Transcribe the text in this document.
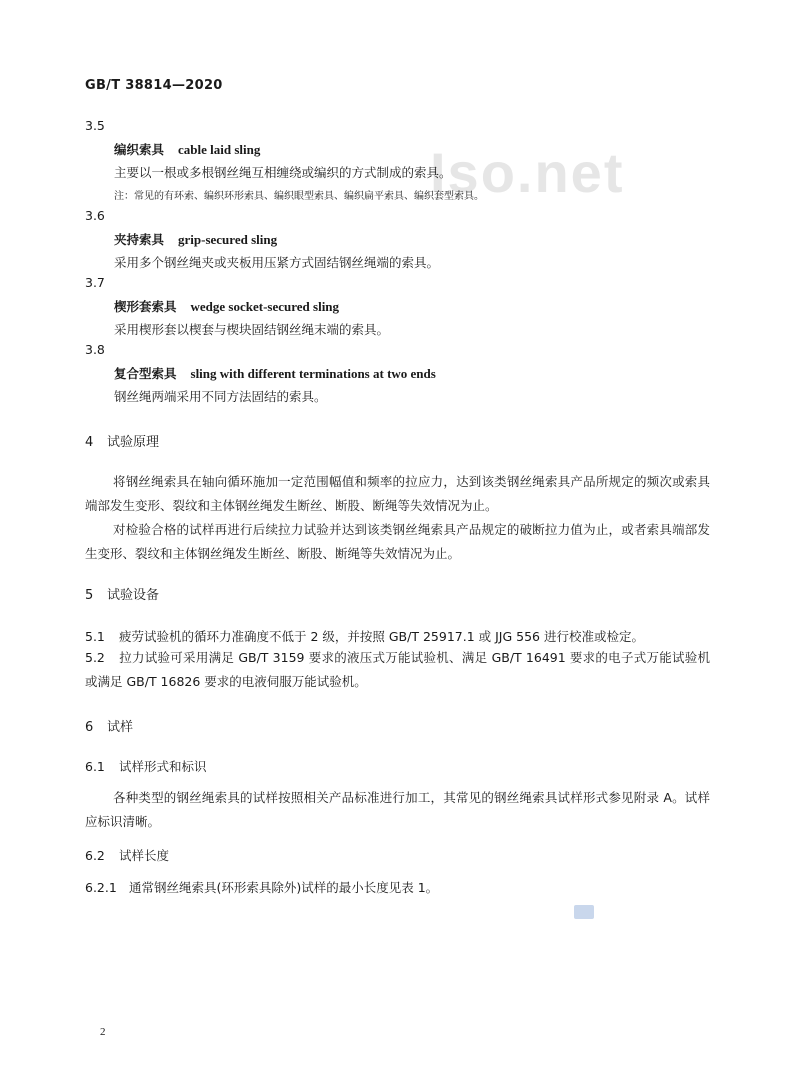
Iso.net
GB/T 38814—2020
3.5
编织索具 cable laid sling
主要以一根或多根钢丝绳互相缠绕或编织的方式制成的索具。
注：常见的有环索、编织环形索具、编织眼型索具、编织扁平索具、编织套型索具。
3.6
夹持索具 grip-secured sling
采用多个钢丝绳夹或夹板用压紧方式固结钢丝绳端的索具。
3.7
楔形套索具 wedge socket-secured sling
采用楔形套以楔套与楔块固结钢丝绳末端的索具。
3.8
复合型索具 sling with different terminations at two ends
钢丝绳两端采用不同方法固结的索具。
4 试验原理
将钢丝绳索具在轴向循环施加一定范围幅值和频率的拉应力，达到该类钢丝绳索具产品所规定的频次或索具端部发生变形、裂纹和主体钢丝绳发生断丝、断股、断绳等失效情况为止。
对检验合格的试样再进行后续拉力试验并达到该类钢丝绳索具产品规定的破断拉力值为止，或者索具端部发生变形、裂纹和主体钢丝绳发生断丝、断股、断绳等失效情况为止。
5 试验设备
5.1 疲劳试验机的循环力准确度不低于 2 级，并按照 GB/T 25917.1 或 JJG 556 进行校准或检定。
5.2 拉力试验可采用满足 GB/T 3159 要求的液压式万能试验机、满足 GB/T 16491 要求的电子式万能试验机或满足 GB/T 16826 要求的电液伺服万能试验机。
6 试样
6.1 试样形式和标识
各种类型的钢丝绳索具的试样按照相关产品标准进行加工，其常见的钢丝绳索具试样形式参见附录 A。试样应标识清晰。
6.2 试样长度
6.2.1 通常钢丝绳索具(环形索具除外)试样的最小长度见表 1。
2
